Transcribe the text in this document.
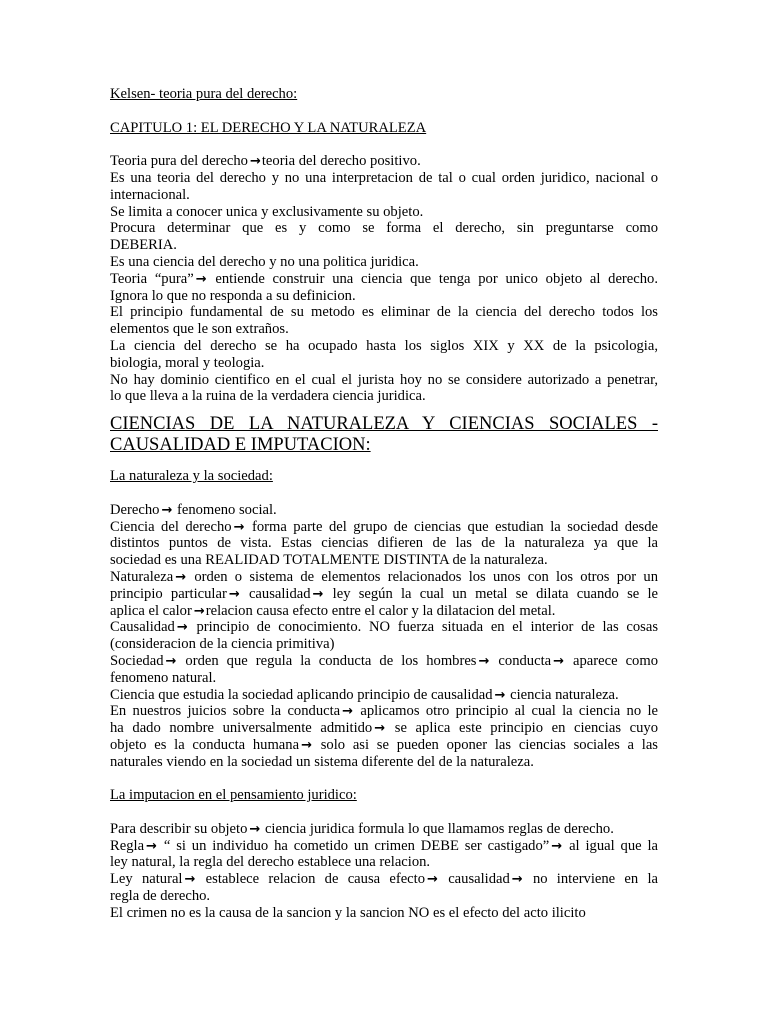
Kelsen- teoria pura del derecho:
CAPITULO 1: EL DERECHO Y LA NATURALEZA
Teoria pura del derecho →teoria del derecho positivo.
Es una teoria del derecho y no una interpretacion de tal o cual orden juridico, nacional o
internacional.
Se limita a conocer unica y exclusivamente su objeto.
Procura determinar que es y como se forma el derecho, sin preguntarse como
DEBERIA.
Es una ciencia del derecho y no una politica juridica.
Teoria “pura” → entiende construir una ciencia que tenga por unico objeto al derecho.
Ignora lo que no responda a su definicion.
El principio fundamental de su metodo es eliminar de la ciencia del derecho todos los
elementos que le son extraños.
La ciencia del derecho se ha ocupado hasta los siglos XIX y XX de la psicologia,
biologia, moral y teologia.
No hay dominio cientifico en el cual el jurista hoy no se considere autorizado a penetrar,
lo que lleva a la ruina de la verdadera ciencia juridica.
CIENCIAS DE LA NATURALEZA Y CIENCIAS SOCIALES -
CAUSALIDAD E IMPUTACION:
La naturaleza y la sociedad:
Derecho → fenomeno social.
Ciencia del derecho → forma parte del grupo de ciencias que estudian la sociedad desde
distintos puntos de vista. Estas ciencias difieren de las de la naturaleza ya que la
sociedad es una REALIDAD TOTALMENTE DISTINTA de la naturaleza.
Naturaleza → orden o sistema de elementos relacionados los unos con los otros por un
principio particular → causalidad → ley según la cual un metal se dilata cuando se le
aplica el calor →relacion causa efecto entre el calor y la dilatacion del metal.
Causalidad → principio de conocimiento. NO fuerza situada en el interior de las cosas
(consideracion de la ciencia primitiva)
Sociedad → orden que regula la conducta de los hombres → conducta → aparece como
fenomeno natural.
Ciencia que estudia la sociedad aplicando principio de causalidad → ciencia naturaleza.
En nuestros juicios sobre la conducta → aplicamos otro principio al cual la ciencia no le
ha dado nombre universalmente admitido → se aplica este principio en ciencias cuyo
objeto es la conducta humana → solo asi se pueden oponer las ciencias sociales a las
naturales viendo en la sociedad un sistema diferente del de la naturaleza.
La imputacion en el pensamiento juridico:
Para describir su objeto → ciencia juridica formula lo que llamamos reglas de derecho.
Regla → “ si un individuo ha cometido un crimen DEBE ser castigado” → al igual que la
ley natural, la regla del derecho establece una relacion.
Ley natural → establece relacion de causa efecto → causalidad → no interviene en la
regla de derecho.
El crimen no es la causa de la sancion y la sancion NO es el efecto del acto ilicito
